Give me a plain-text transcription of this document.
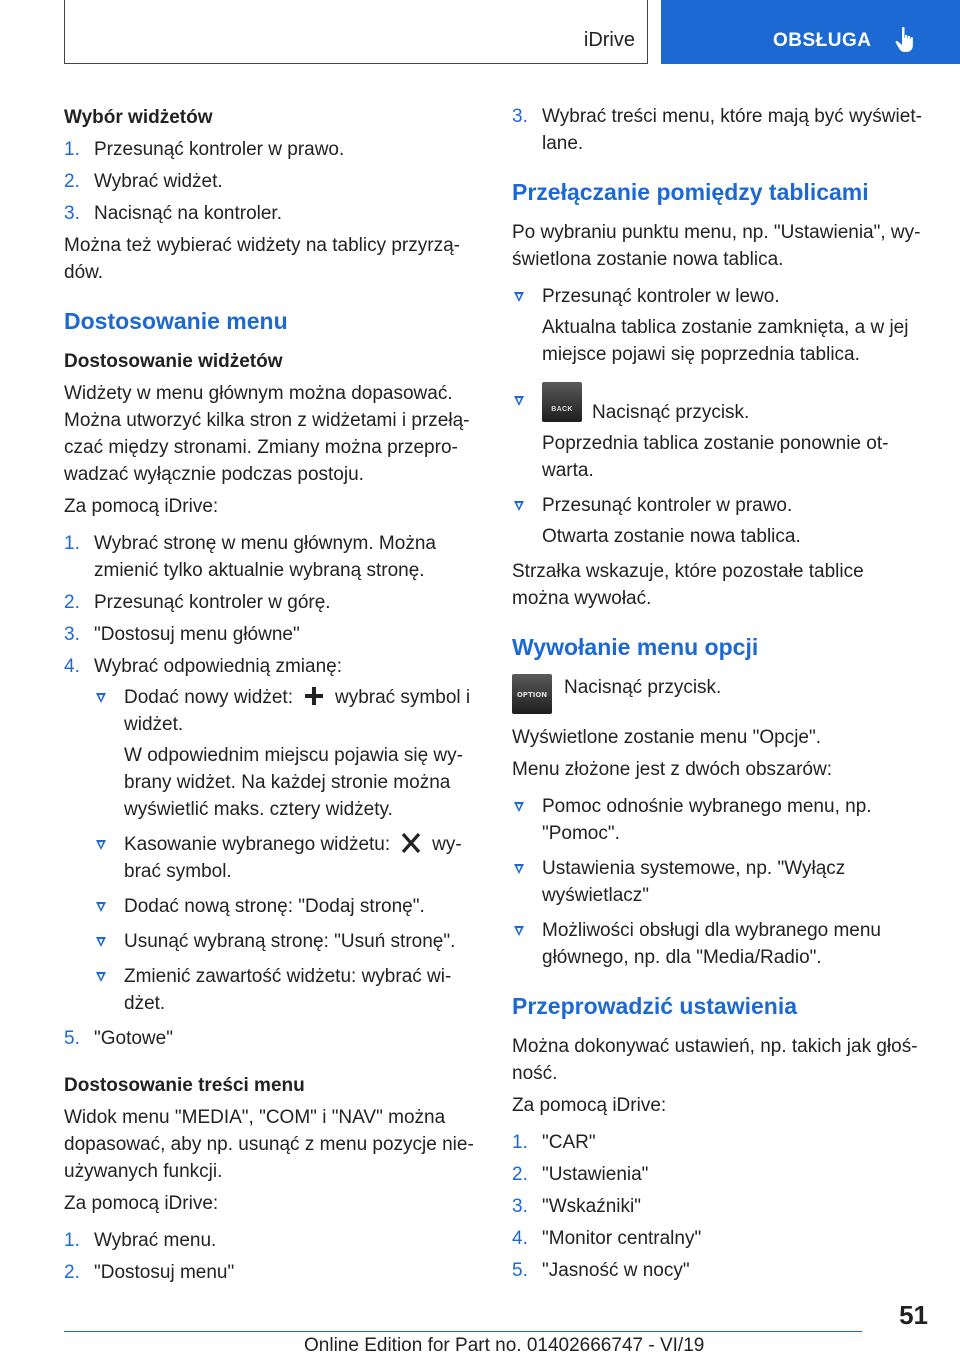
iDrive	OBSŁUGA
Wybór widżetów
1. Przesunąć kontroler w prawo.
2. Wybrać widżet.
3. Nacisnąć na kontroler.
Można też wybierać widżety na tablicy przyrzą- dów.
Dostosowanie menu
Dostosowanie widżetów
Widżety w menu głównym można dopasować. Można utworzyć kilka stron z widżetami i przełą- czać między stronami. Zmiany można przepro- wadzać wyłącznie podczas postoju.
Za pomocą iDrive:
1. Wybrać stronę w menu głównym. Można zmienić tylko aktualnie wybraną stronę.
2. Przesunąć kontroler w górę.
3. "Dostosuj menu główne"
4. Wybrać odpowiednią zmianę:
Dodać nowy widżet: wybrać symbol i widżet.
W odpowiednim miejscu pojawia się wy- brany widżet. Na każdej stronie można wyświetlić maks. cztery widżety.
Kasowanie wybranego widżetu: wy- brać symbol.
Dodać nową stronę: "Dodaj stronę".
Usunąć wybraną stronę: "Usuń stronę".
Zmienić zawartość widżetu: wybrać wi- dżet.
5. "Gotowe"
Dostosowanie treści menu
Widok menu "MEDIA", "COM" i "NAV" można dopasować, aby np. usunąć z menu pozycje nie- używanych funkcji.
Za pomocą iDrive:
1. Wybrać menu.
2. "Dostosuj menu"
3. Wybrać treści menu, które mają być wyświet- lane.
Przełączanie pomiędzy tablicami
Po wybraniu punktu menu, np. "Ustawienia", wy- świetlona zostanie nowa tablica.
Przesunąć kontroler w lewo.
Aktualna tablica zostanie zamknięta, a w jej miejsce pojawi się poprzednia tablica.
BACK	Nacisnąć przycisk.
Poprzednia tablica zostanie ponownie ot- warta.
Przesunąć kontroler w prawo.
Otwarta zostanie nowa tablica.
Strzałka wskazuje, które pozostałe tablice można wywołać.
Wywołanie menu opcji
OPTION Nacisnąć przycisk.
Wyświetlone zostanie menu "Opcje".
Menu złożone jest z dwóch obszarów:
Pomoc odnośnie wybranego menu, np. "Pomoc".
Ustawienia systemowe, np. "Wyłącz wyświetlacz"
Możliwości obsługi dla wybranego menu głównego, np. dla "Media/Radio".
Przeprowadzić ustawienia
Można dokonywać ustawień, np. takich jak głoś- ność.
Za pomocą iDrive:
1. "CAR"
2. "Ustawienia"
3. "Wskaźniki"
4. "Monitor centralny"
5. "Jasność w nocy"
51
Online Edition for Part no. 01402666747 - VI/19
